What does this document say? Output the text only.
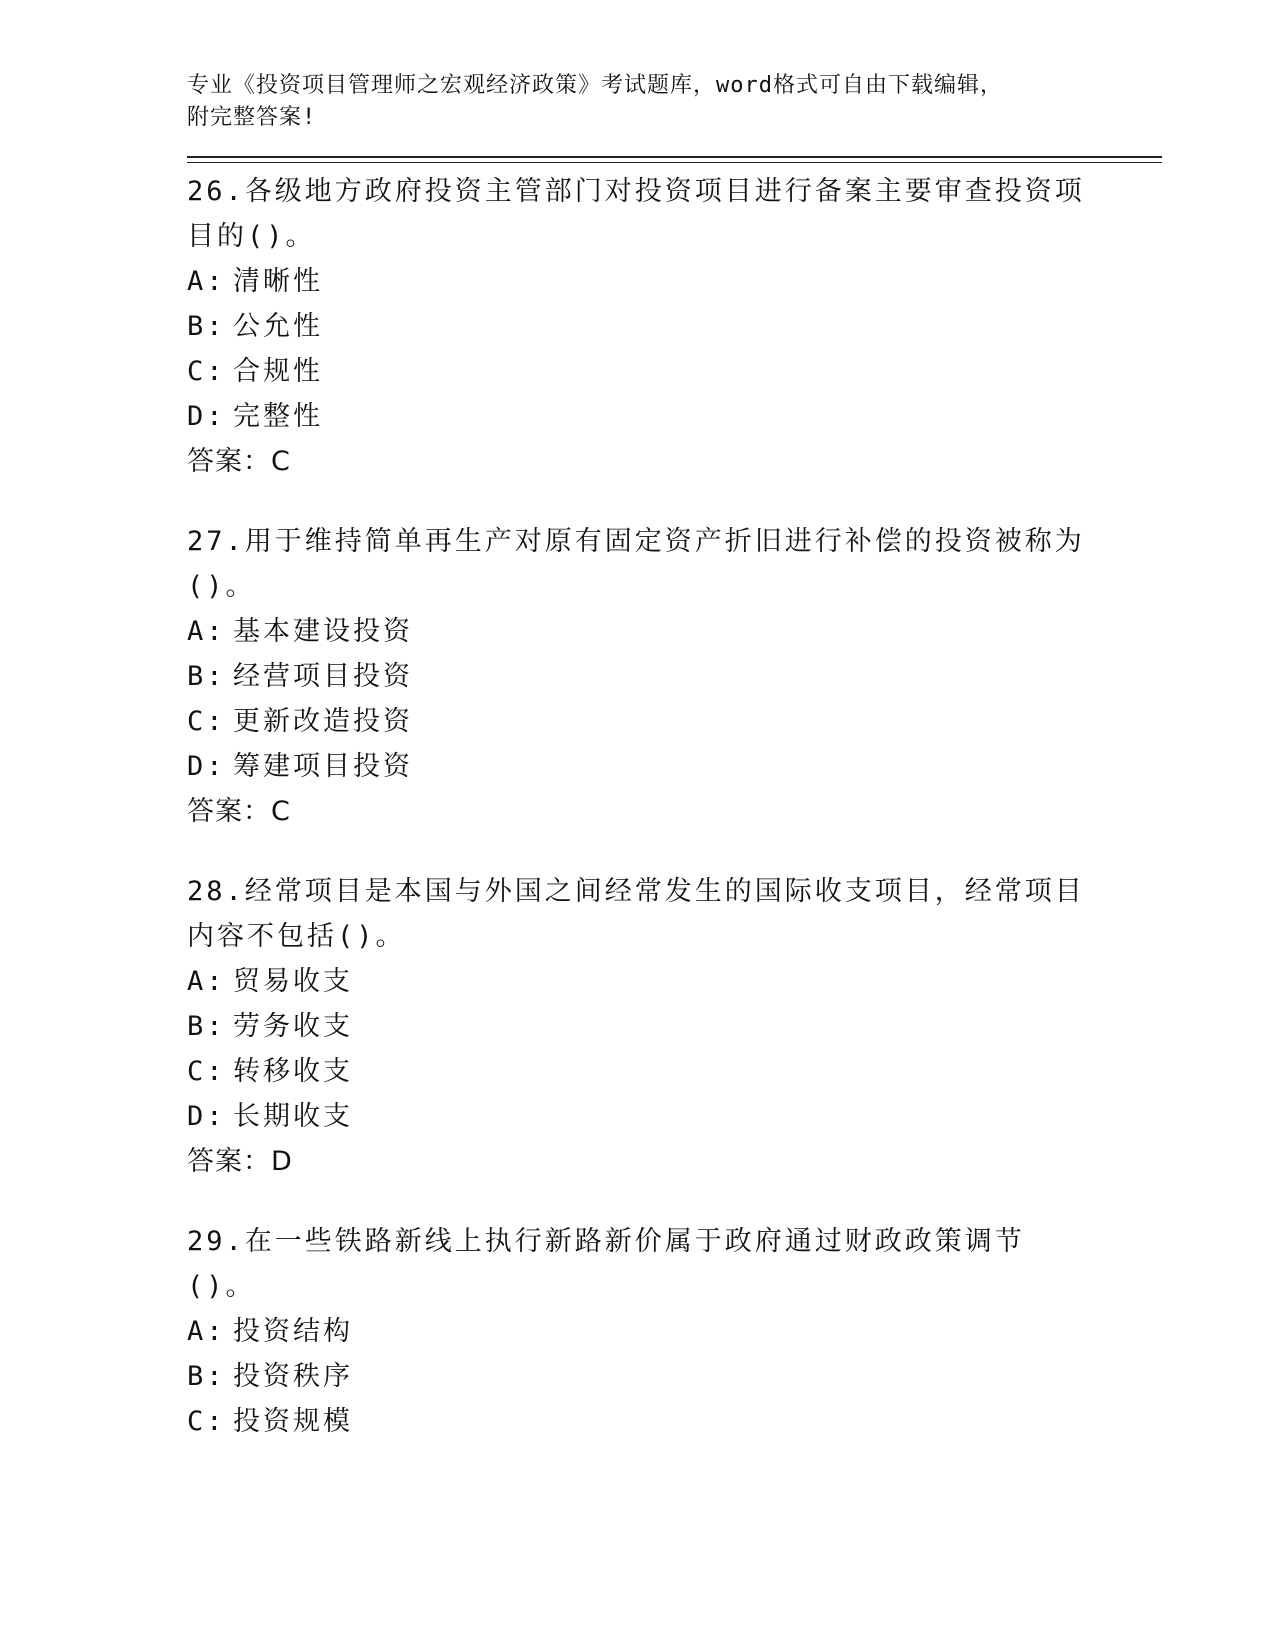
专业《投资项目管理师之宏观经济政策》考试题库，word格式可自由下载编辑，

附完整答案!

26.各级地方政府投资主管部门对投资项目进行备案主要审查投资项目的()。

A: 清晰性

B: 公允性

C: 合规性

D: 完整性

答案：C

27.用于维持简单再生产对原有固定资产折旧进行补偿的投资被称为()。

A: 基本建设投资

B: 经营项目投资

C: 更新改造投资

D: 筹建项目投资

答案：C

28.经常项目是本国与外国之间经常发生的国际收支项目，经常项目内容不包括()。

A: 贸易收支

B: 劳务收支

C: 转移收支

D: 长期收支

答案：D

29.在一些铁路新线上执行新路新价属于政府通过财政政策调节()。

A: 投资结构

B: 投资秩序

C: 投资规模
